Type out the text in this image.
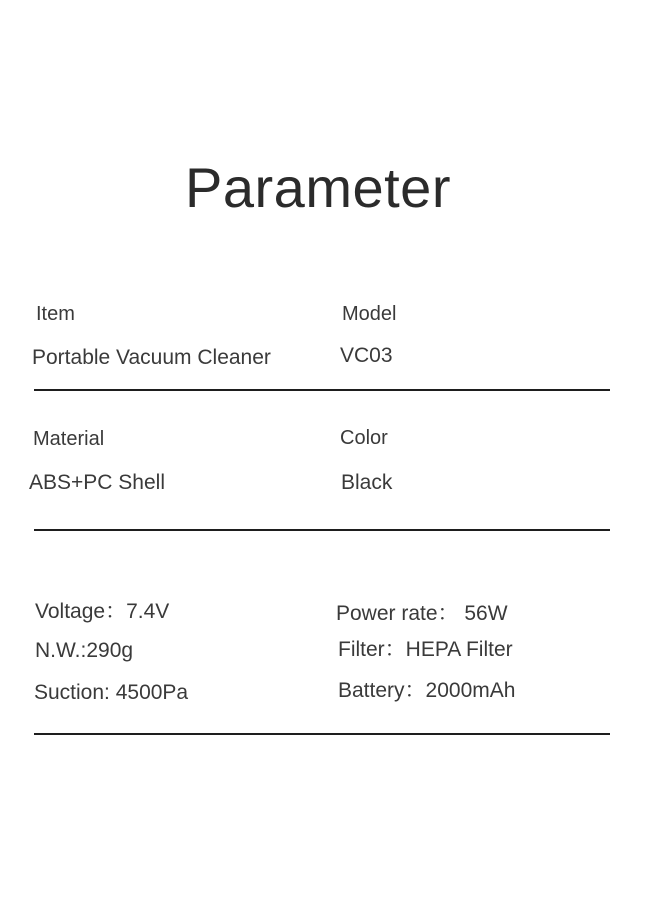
Parameter
Item
Portable Vacuum Cleaner
Model
VC03
Material
ABS+PC Shell
Color
Black
Voltage：7.4V
N.W.:290g
Suction: 4500Pa
Power rate： 56W
Filter：HEPA Filter
Battery：2000mAh
